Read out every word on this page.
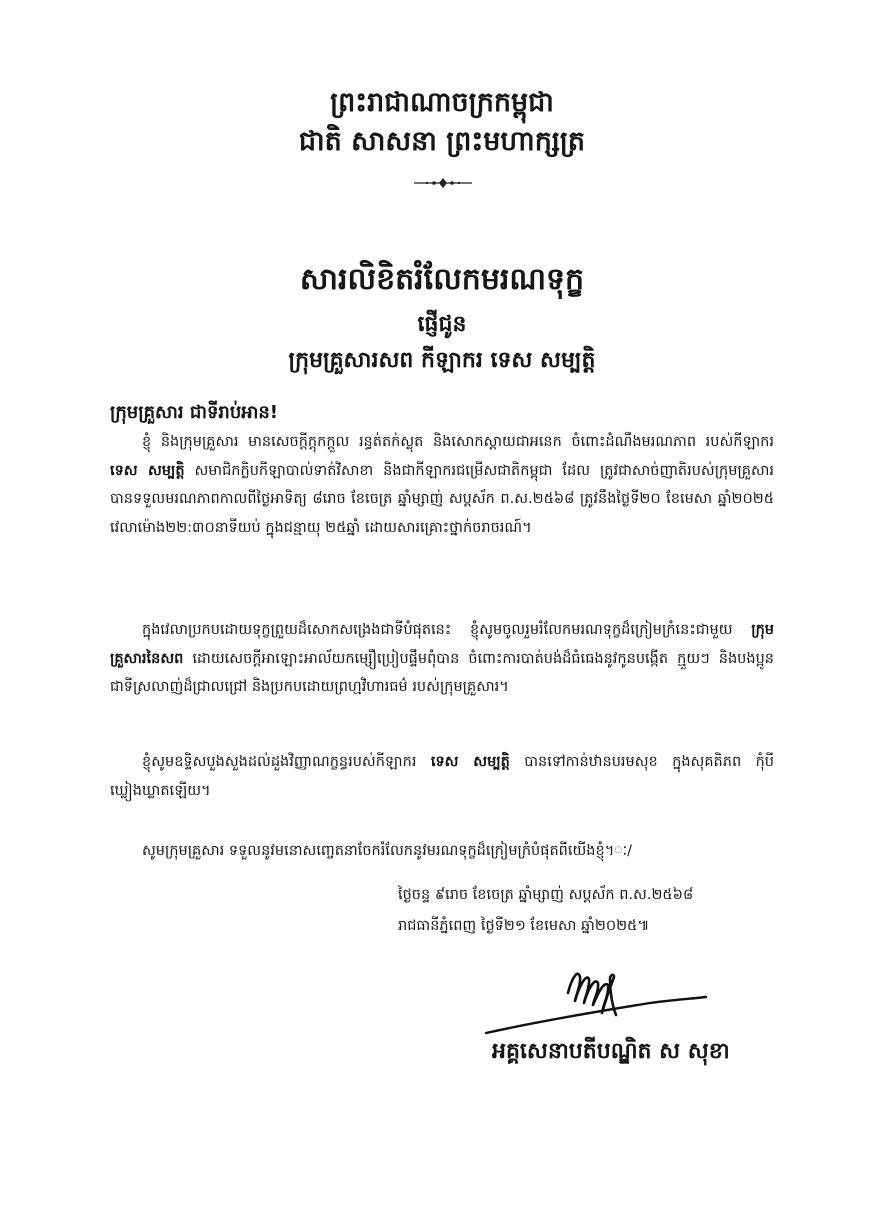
ព្រះរាជាណាចក្រកម្ពុជា
ជាតិ សាសនា ព្រះមហាក្សត្រ
សារលិខិតរំលែកមរណទុក្ខ
ផ្ញើជូន
ក្រុមគ្រួសារសព កីឡាករ ទេស សម្បត្តិ
ក្រុមគ្រួសារ ជាទីរាប់អាន!
ខ្ញុំ និងក្រុមគ្រួសារ មានសេចក្តីក្តុកក្តួល រន្ធត់តក់ស្លុត និងសោកស្តាយជាអនេក ចំពោះដំណឹងមរណភាព របស់កីឡាករ ទេស សម្បត្តិ សមាជិកក្លិបកីឡាបាល់ទាត់វិសាខា និងជាកីឡាករជម្រើសជាតិកម្ពុជា ដែល ត្រូវជាសាច់ញាតិរបស់ក្រុមគ្រួសារ បានទទួលមរណភាពកាលពីថ្ងៃអាទិត្យ ៨រោច ខែចេត្រ ឆ្នាំម្សាញ់ សប្តស័ក ព.ស.២៥៦៨ ត្រូវនឹងថ្ងៃទី២០ ខែមេសា ឆ្នាំ២០២៥ វេលាម៉ោង២២:៣០នាទីយប់ ក្នុងជន្មាយុ ២៥ឆ្នាំ ដោយសារគ្រោះថ្នាក់ចរាចរណ៍។
ក្នុងវេលាប្រកបដោយទុក្ខព្រួយដ៏សោកសង្រេងជាទីបំផុតនេះ ខ្ញុំសូមចូលរួមរំលែកមរណទុក្ខដ៏ក្រៀមក្រំនេះជាមួយ ក្រុមគ្រួសារនៃសព ដោយសេចក្តីអាឡោះអាល័យកម្សឿប្រៀបផ្ទឹមពុំបាន ចំពោះការបាត់បង់ដ៏ធំធេងនូវកូនបង្កើត ក្មួយៗ និងបងប្អូន ជាទីស្រលាញ់ដ៏ជ្រាលជ្រៅ និងប្រកបដោយព្រហ្មវិហារធម៌ របស់ក្រុមគ្រួសារ។
ខ្ញុំសូមឧទ្ទិសបួងសួងដល់ដួងវិញ្ញាណក្ខន្ធរបស់កីឡាករ ទេស សម្បត្តិ បានទៅកាន់ឋានបរមសុខ ក្នុងសុគតិភព កុំបីឃ្លៀងឃ្លាតឡើយ។
សូមក្រុមគ្រួសារ ទទួលនូវមនោសញ្ចេតនាចែករំលែកនូវមរណទុក្ខដ៏ក្រៀមក្រំបំផុតពីយើងខ្ញុំ។ៈ/
ថ្ងៃចន្ទ ៩រោច ខែចេត្រ ឆ្នាំម្សាញ់ សប្តស័ក ព.ស.២៥៦៨
រាជធានីភ្នំពេញ ថ្ងៃទី២១ ខែមេសា ឆ្នាំ២០២៥៕
អគ្គសេនាបតីបណ្ឌិត ស សុខា
